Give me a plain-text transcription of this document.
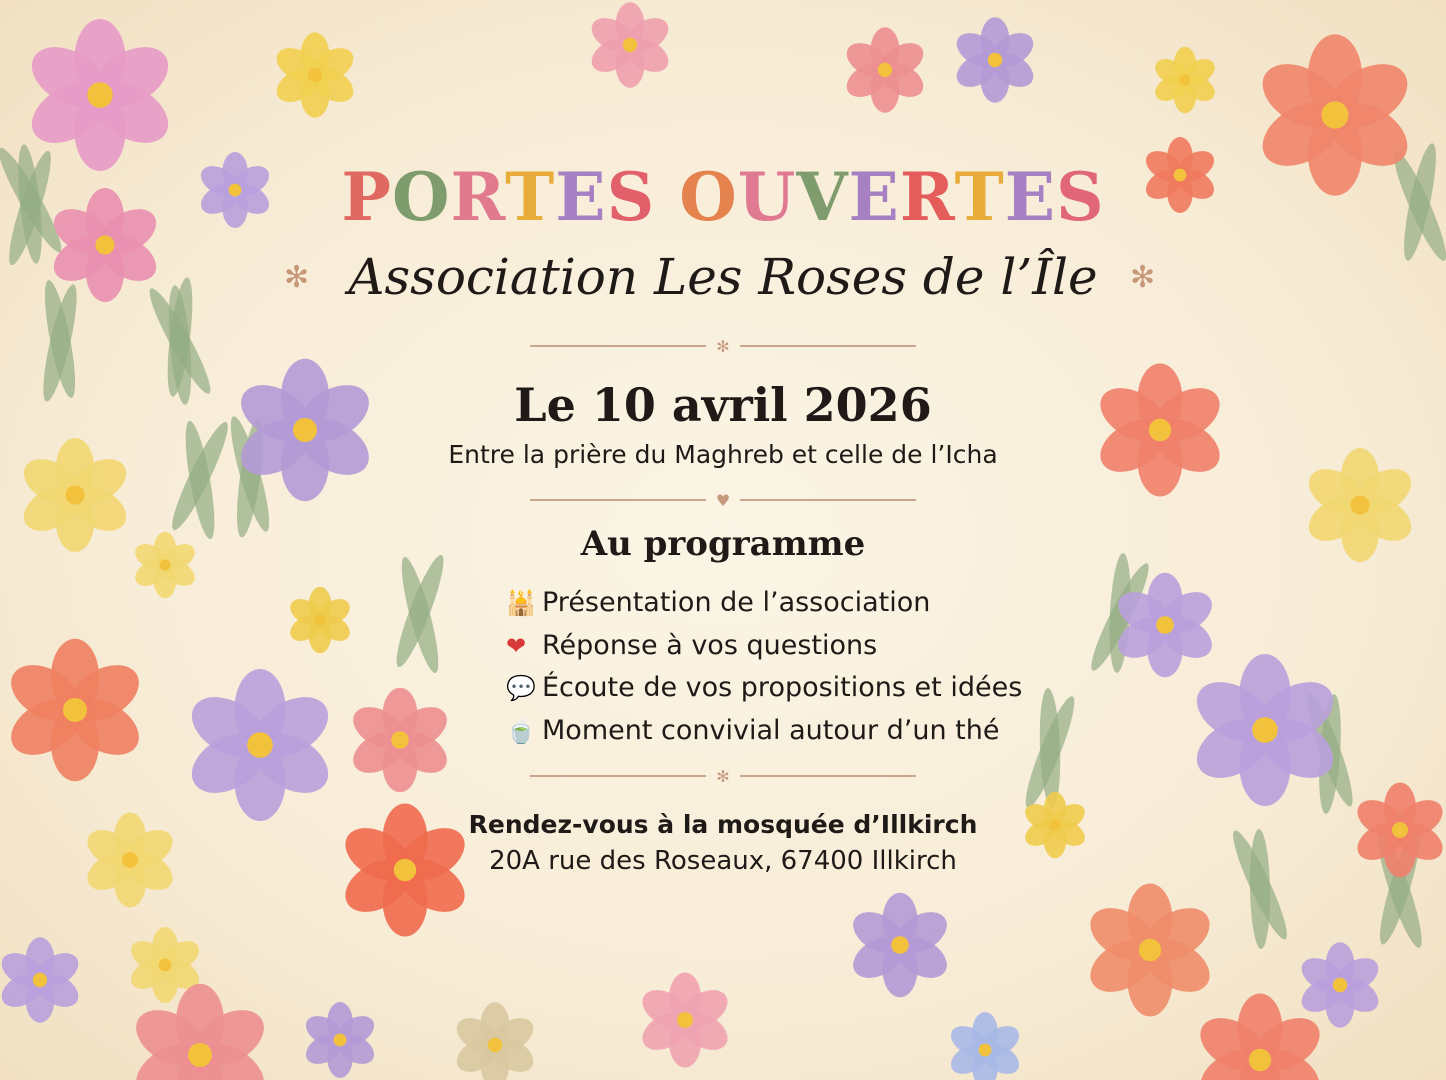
PORTES OUVERTES
✻ Association Les Roses de l’Île	✻
✻
Le 10 avril 2026
Entre la prière du Maghreb et celle de l’Icha
♥
Au programme
🕌 Présentation de l’association
❤ Réponse à vos questions
💬 Écoute de vos propositions et idées
🍵 Moment convivial autour d’un thé
✻
Rendez-vous à la mosquée d’Illkirch
20A rue des Roseaux, 67400 Illkirch
